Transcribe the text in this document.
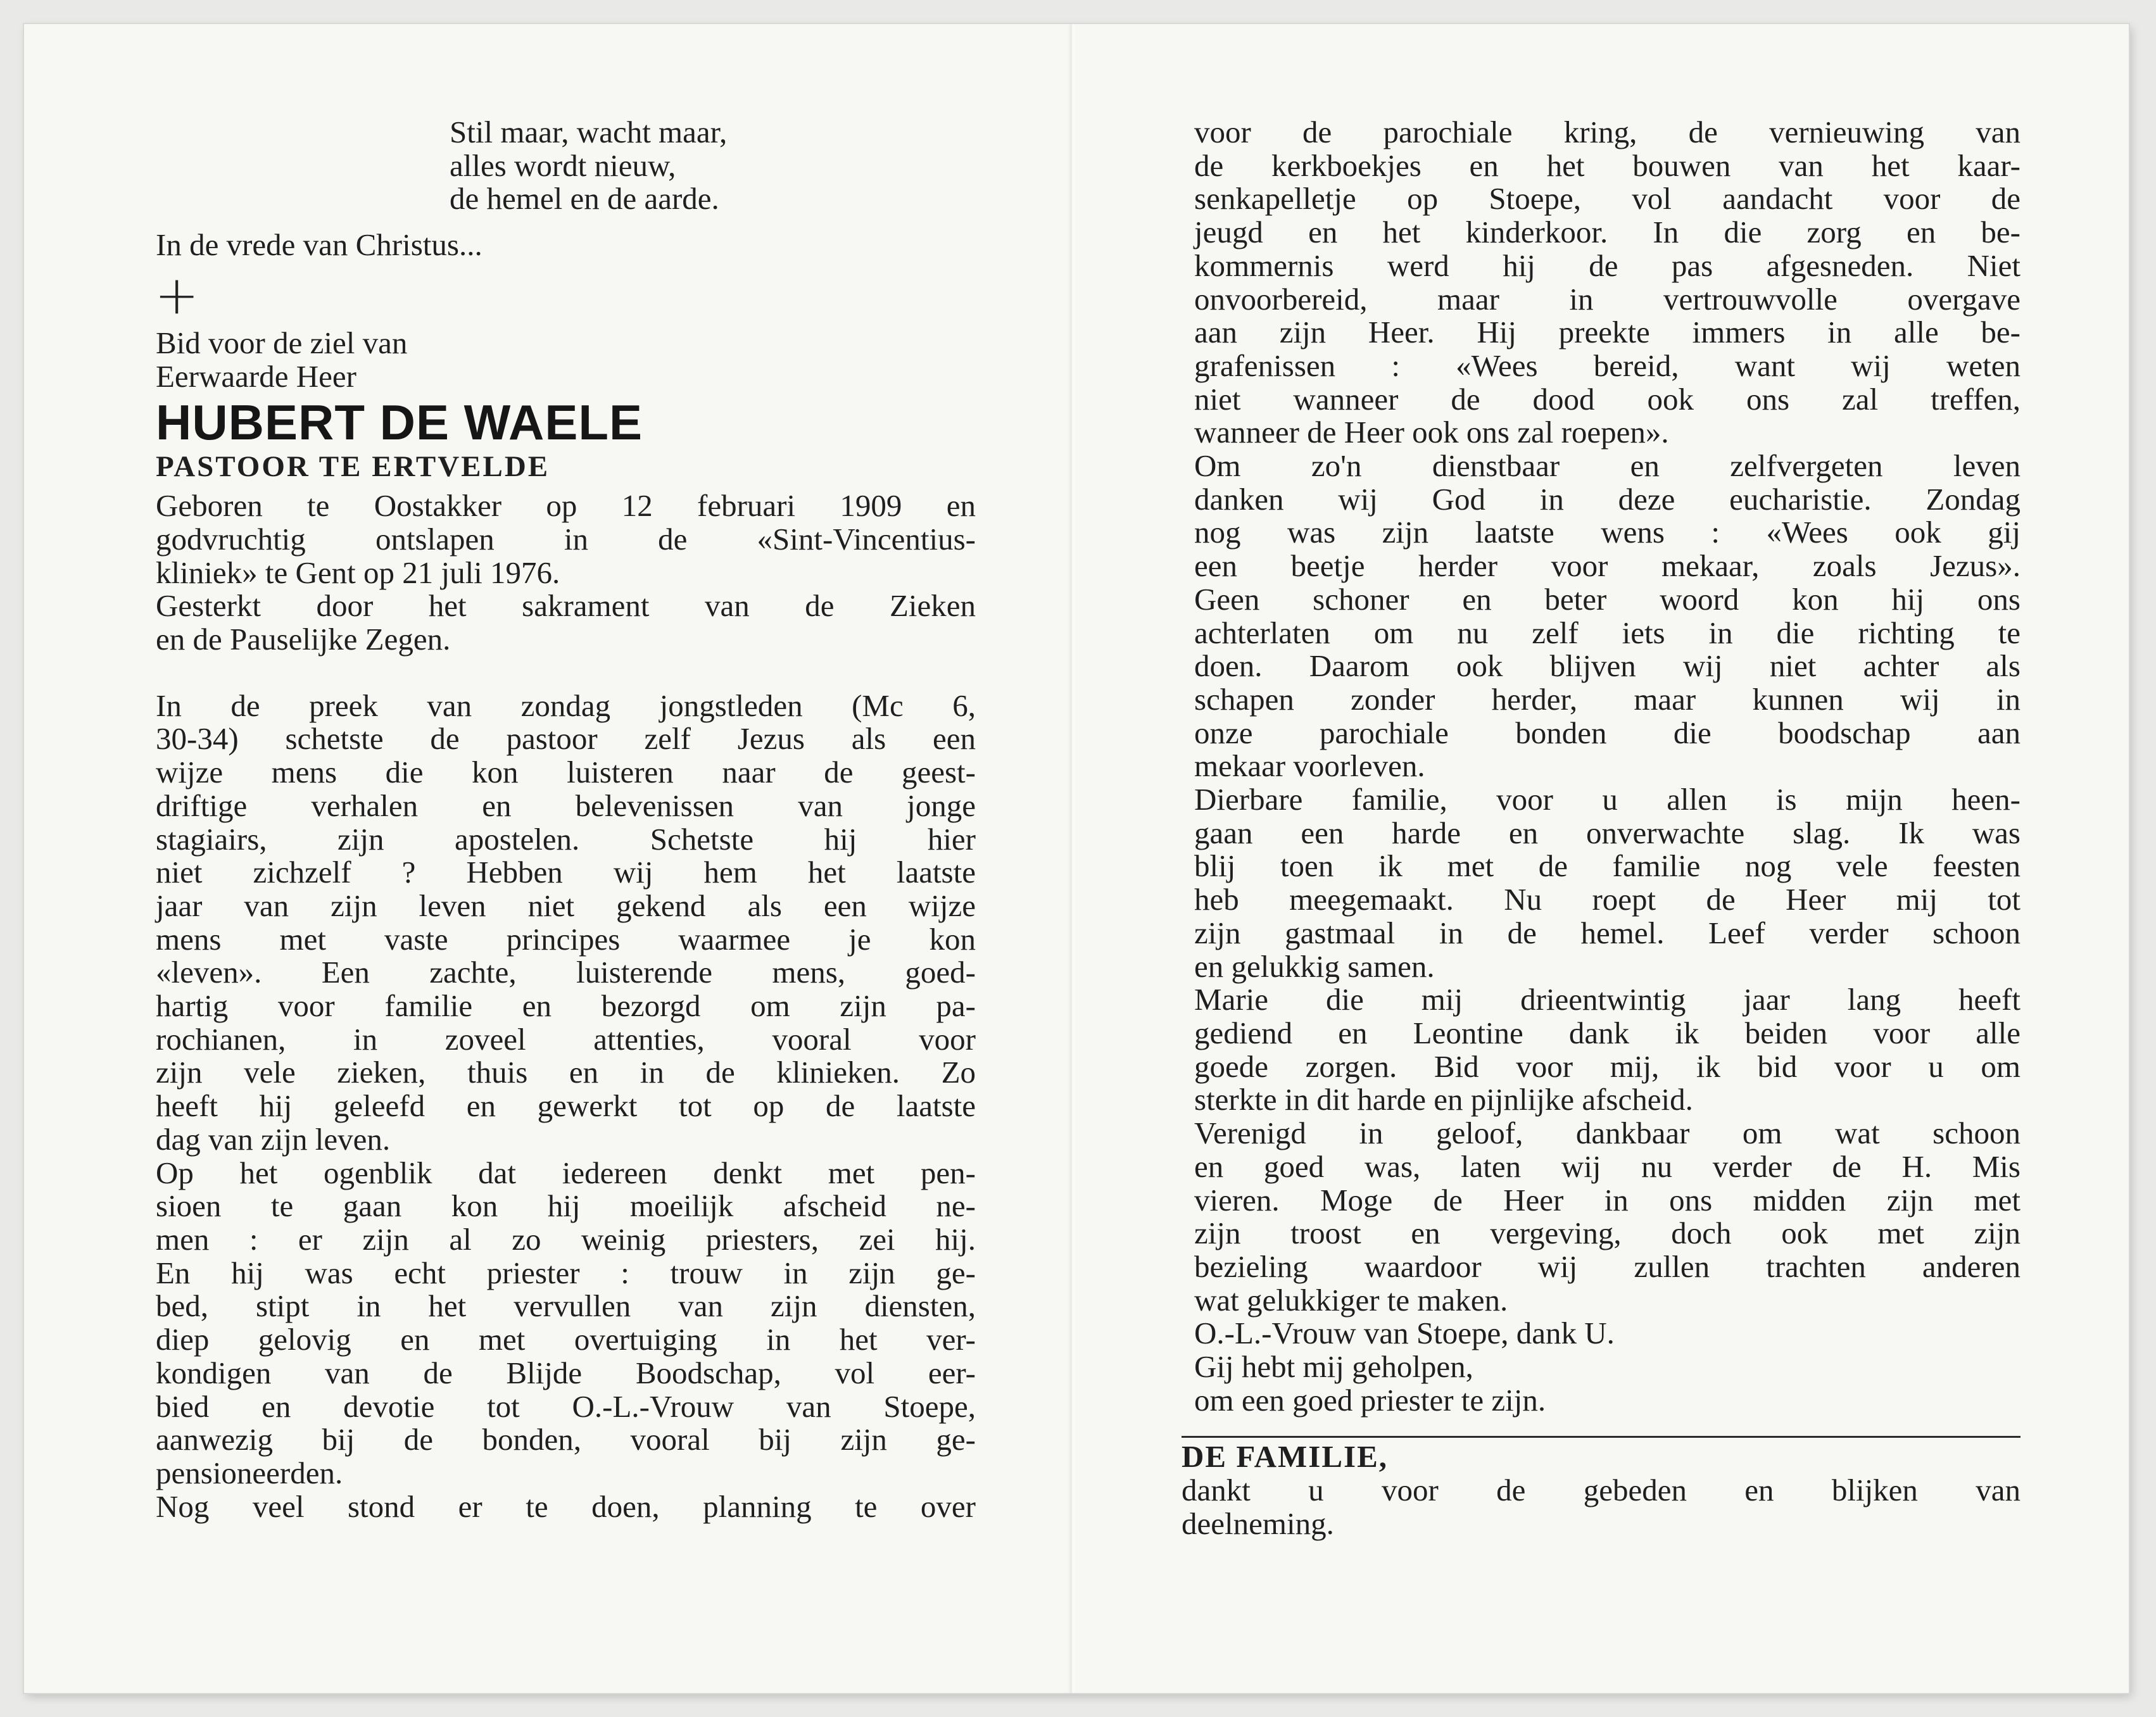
Stil maar, wacht maar,
alles wordt nieuw,
de hemel en de aarde.
In de vrede van Christus...
+
Bid voor de ziel van
Eerwaarde Heer
HUBERT DE WAELE
PASTOOR TE ERTVELDE
Geboren te Oostakker op 12 februari 1909 en
godvruchtig ontslapen in de «Sint-Vincentius-
kliniek» te Gent op 21 juli 1976.
Gesterkt door het sakrament van de Zieken
en de Pauselijke Zegen.
In de preek van zondag jongstleden (Mc 6,
30-34) schetste de pastoor zelf Jezus als een
wijze mens die kon luisteren naar de geest-
driftige verhalen en belevenissen van jonge
stagiairs, zijn apostelen. Schetste hij hier
niet zichzelf ? Hebben wij hem het laatste
jaar van zijn leven niet gekend als een wijze
mens met vaste principes waarmee je kon
«leven». Een zachte, luisterende mens, goed-
hartig voor familie en bezorgd om zijn pa-
rochianen, in zoveel attenties, vooral voor
zijn vele zieken, thuis en in de klinieken. Zo
heeft hij geleefd en gewerkt tot op de laatste
dag van zijn leven.
Op het ogenblik dat iedereen denkt met pen-
sioen te gaan kon hij moeilijk afscheid ne-
men : er zijn al zo weinig priesters, zei hij.
En hij was echt priester : trouw in zijn ge-
bed, stipt in het vervullen van zijn diensten,
diep gelovig en met overtuiging in het ver-
kondigen van de Blijde Boodschap, vol eer-
bied en devotie tot O.-L.-Vrouw van Stoepe,
aanwezig bij de bonden, vooral bij zijn ge-
pensioneerden.
Nog veel stond er te doen, planning te over
voor de parochiale kring, de vernieuwing van
de kerkboekjes en het bouwen van het kaar-
senkapelletje op Stoepe, vol aandacht voor de
jeugd en het kinderkoor. In die zorg en be-
kommernis werd hij de pas afgesneden. Niet
onvoorbereid, maar in vertrouwvolle overgave
aan zijn Heer. Hij preekte immers in alle be-
grafenissen : «Wees bereid, want wij weten
niet wanneer de dood ook ons zal treffen,
wanneer de Heer ook ons zal roepen».
Om zo'n dienstbaar en zelfvergeten leven
danken wij God in deze eucharistie. Zondag
nog was zijn laatste wens : «Wees ook gij
een beetje herder voor mekaar, zoals Jezus».
Geen schoner en beter woord kon hij ons
achterlaten om nu zelf iets in die richting te
doen. Daarom ook blijven wij niet achter als
schapen zonder herder, maar kunnen wij in
onze parochiale bonden die boodschap aan
mekaar voorleven.
Dierbare familie, voor u allen is mijn heen-
gaan een harde en onverwachte slag. Ik was
blij toen ik met de familie nog vele feesten
heb meegemaakt. Nu roept de Heer mij tot
zijn gastmaal in de hemel. Leef verder schoon
en gelukkig samen.
Marie die mij drieentwintig jaar lang heeft
gediend en Leontine dank ik beiden voor alle
goede zorgen. Bid voor mij, ik bid voor u om
sterkte in dit harde en pijnlijke afscheid.
Verenigd in geloof, dankbaar om wat schoon
en goed was, laten wij nu verder de H. Mis
vieren. Moge de Heer in ons midden zijn met
zijn troost en vergeving, doch ook met zijn
bezieling waardoor wij zullen trachten anderen
wat gelukkiger te maken.
O.-L.-Vrouw van Stoepe, dank U.
Gij hebt mij geholpen,
om een goed priester te zijn.
DE FAMILIE,
dankt u voor de gebeden en blijken van
deelneming.
